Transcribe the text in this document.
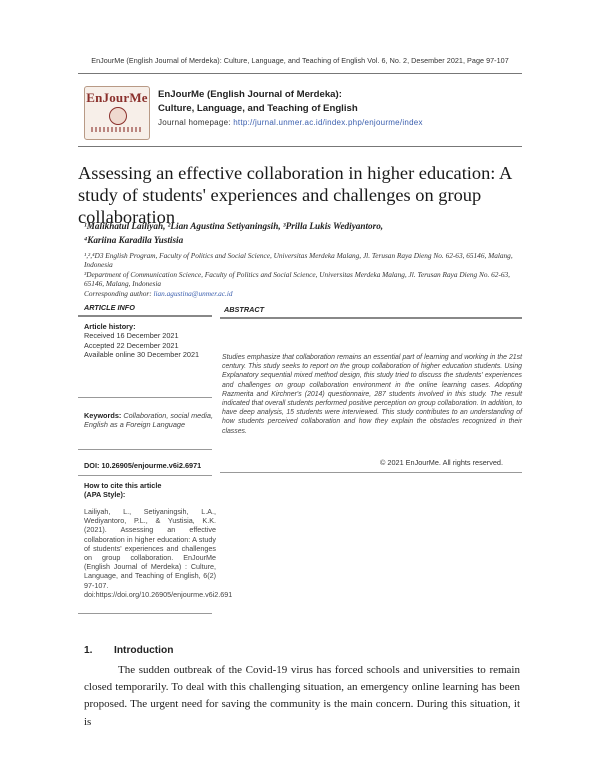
EnJourMe (English Journal of Merdeka): Culture, Language, and Teaching of English Vol. 6, No. 2, Desember 2021, Page 97-107
EnJourMe EnJourMe (English Journal of Merdeka):
Culture, Language, and Teaching of English
Journal homepage: http://jurnal.unmer.ac.id/index.php/enjourme/index
Assessing an effective collaboration in higher education: A study of students' experiences and challenges on group collaboration
¹Malikhatul Lailiyah, ²Lian Agustina Setiyaningsih, ³Prilla Lukis Wediyantoro,
⁴Kariina Karadila Yustisia
¹,²,⁴D3 English Program, Faculty of Politics and Social Science, Universitas Merdeka Malang, Jl. Terusan Raya Dieng No. 62-63, 65146, Malang, Indonesia
³Department of Communication Science, Faculty of Politics and Social Science, Universitas Merdeka Malang, Jl. Terusan Raya Dieng No. 62-63, 65146, Malang, Indonesia
Corresponding author: lian.agustina@unmer.ac.id
ARTICLE INFO	ABSTRACT
Article history:
Received 16 December 2021
Accepted 22 December 2021
Available online 30 December 2021
Keywords: Collaboration, social media, English as a Foreign Language
DOI: 10.26905/enjourme.v6i2.6971
How to cite this article
(APA Style):
Lailiyah, L., Setiyaningsih, L.A., Wediyantoro, P.L., & Yustisia, K.K. (2021). Assessing an effective collaboration in higher education: A study of students' experiences and challenges on group collaboration. EnJourMe (English Journal of Merdeka) : Culture, Language, and Teaching of English, 6(2) 97-107. doi:https://doi.org/10.26905/enjourme.v6i2.691
Studies emphasize that collaboration remains an essential part of learning and working in the 21st century. This study seeks to report on the group collaboration of higher education students. Using Explanatory sequential mixed method design, this study tried to discuss the students' experiences and challenges on group collaboration environment in the online learning cases. Adopting Razmerita and Kirchner's (2014) questionnaire, 287 students involved in this study. The result indicated that overall students performed positive perception on group collaboration. In addition, to have deep analysis, 15 students were interviewed. This study contributes to an understanding of how students perceived collaboration and how they explain the obstacles recognized in their classes.
© 2021 EnJourMe. All rights reserved.
1. Introduction
The sudden outbreak of the Covid-19 virus has forced schools and universities to remain closed temporarily. To deal with this challenging situation, an emergency online learning has been proposed. The urgent need for saving the community is the main concern. During this situation, it is
